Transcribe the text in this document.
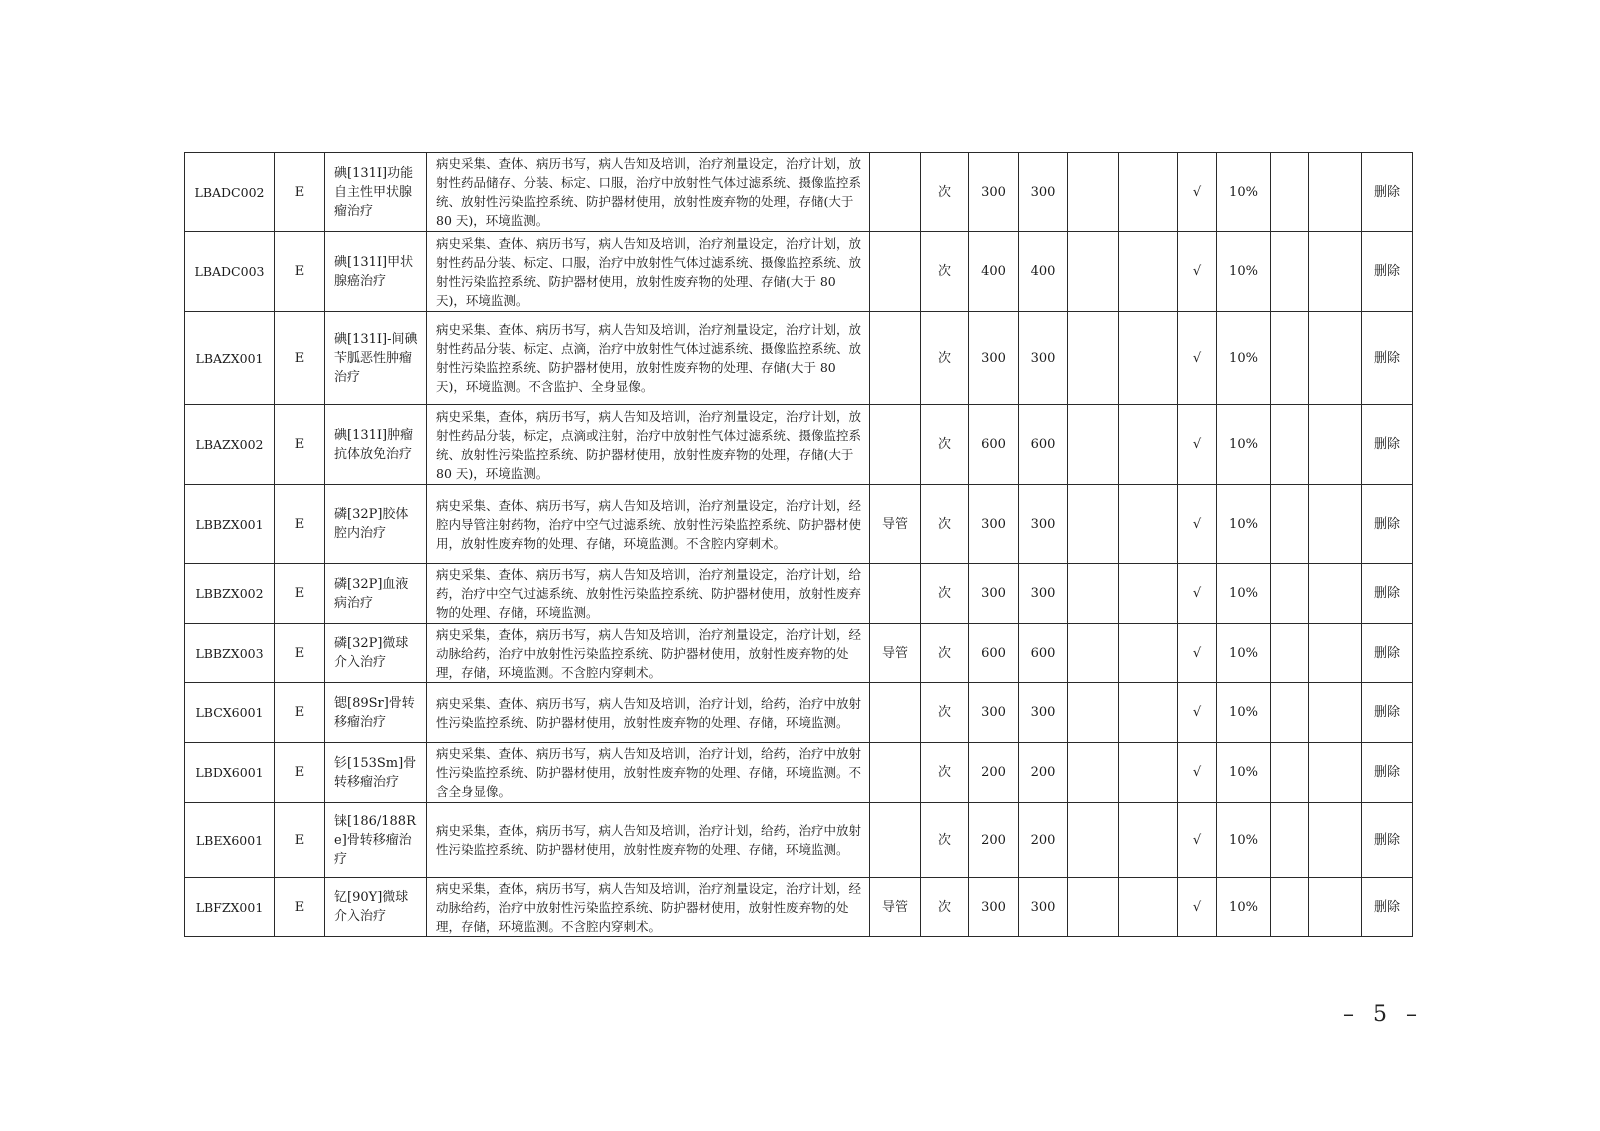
LBADC002	E	碘[131I]功能自主性甲状腺瘤治疗	病史采集、查体、病历书写，病人告知及培训，治疗剂量设定，治疗计划，放射性药品储存、分装、标定、口服，治疗中放射性气体过滤系统、摄像监控系统、放射性污染监控系统、防护器材使用，放射性废弃物的处理，存储(大于 80 天)，环境监测。		次	300	300			√	10%			删除
LBADC003	E	碘[131I]甲状腺癌治疗	病史采集、查体、病历书写，病人告知及培训，治疗剂量设定，治疗计划，放射性药品分装、标定、口服，治疗中放射性气体过滤系统、摄像监控系统、放射性污染监控系统、防护器材使用，放射性废弃物的处理、存储(大于 80 天)，环境监测。		次	400	400			√	10%			删除
LBAZX001	E	碘[131I]-间碘苄胍恶性肿瘤治疗	病史采集、查体、病历书写，病人告知及培训，治疗剂量设定，治疗计划，放射性药品分装、标定、点滴，治疗中放射性气体过滤系统、摄像监控系统、放射性污染监控系统、防护器材使用，放射性废弃物的处理、存储(大于 80 天)，环境监测。不含监护、全身显像。		次	300	300			√	10%			删除
LBAZX002	E	碘[131I]肿瘤抗体放免治疗	病史采集，查体，病历书写，病人告知及培训，治疗剂量设定，治疗计划，放射性药品分装，标定，点滴或注射，治疗中放射性气体过滤系统、摄像监控系统、放射性污染监控系统、防护器材使用，放射性废弃物的处理，存储(大于 80 天)，环境监测。		次	600	600			√	10%			删除
LBBZX001	E	磷[32P]胶体腔内治疗	病史采集、查体、病历书写，病人告知及培训，治疗剂量设定，治疗计划，经腔内导管注射药物，治疗中空气过滤系统、放射性污染监控系统、防护器材使用，放射性废弃物的处理、存储，环境监测。不含腔内穿刺术。	导管	次	300	300			√	10%			删除
LBBZX002	E	磷[32P]血液病治疗	病史采集、查体、病历书写，病人告知及培训，治疗剂量设定，治疗计划，给药，治疗中空气过滤系统、放射性污染监控系统、防护器材使用，放射性废弃物的处理、存储，环境监测。		次	300	300			√	10%			删除
LBBZX003	E	磷[32P]微球介入治疗	病史采集，查体，病历书写，病人告知及培训，治疗剂量设定，治疗计划，经动脉给药，治疗中放射性污染监控系统、防护器材使用，放射性废弃物的处理，存储，环境监测。不含腔内穿刺术。	导管	次	600	600			√	10%			删除
LBCX6001	E	锶[89Sr]骨转移瘤治疗	病史采集、查体、病历书写，病人告知及培训，治疗计划，给药，治疗中放射性污染监控系统、防护器材使用，放射性废弃物的处理、存储，环境监测。		次	300	300			√	10%			删除
LBDX6001	E	钐[153Sm]骨转移瘤治疗	病史采集、查体、病历书写，病人告知及培训，治疗计划，给药，治疗中放射性污染监控系统、防护器材使用，放射性废弃物的处理、存储，环境监测。不含全身显像。		次	200	200			√	10%			删除
LBEX6001	E	铼[186/188Re]骨转移瘤治疗	病史采集，查体，病历书写，病人告知及培训，治疗计划，给药，治疗中放射性污染监控系统、防护器材使用，放射性废弃物的处理、存储，环境监测。		次	200	200			√	10%			删除
LBFZX001	E	钇[90Y]微球介入治疗	病史采集，查体，病历书写，病人告知及培训，治疗剂量设定，治疗计划，经动脉给药，治疗中放射性污染监控系统、防护器材使用，放射性废弃物的处理，存储，环境监测。不含腔内穿刺术。	导管	次	300	300			√	10%			删除
– 5 –
